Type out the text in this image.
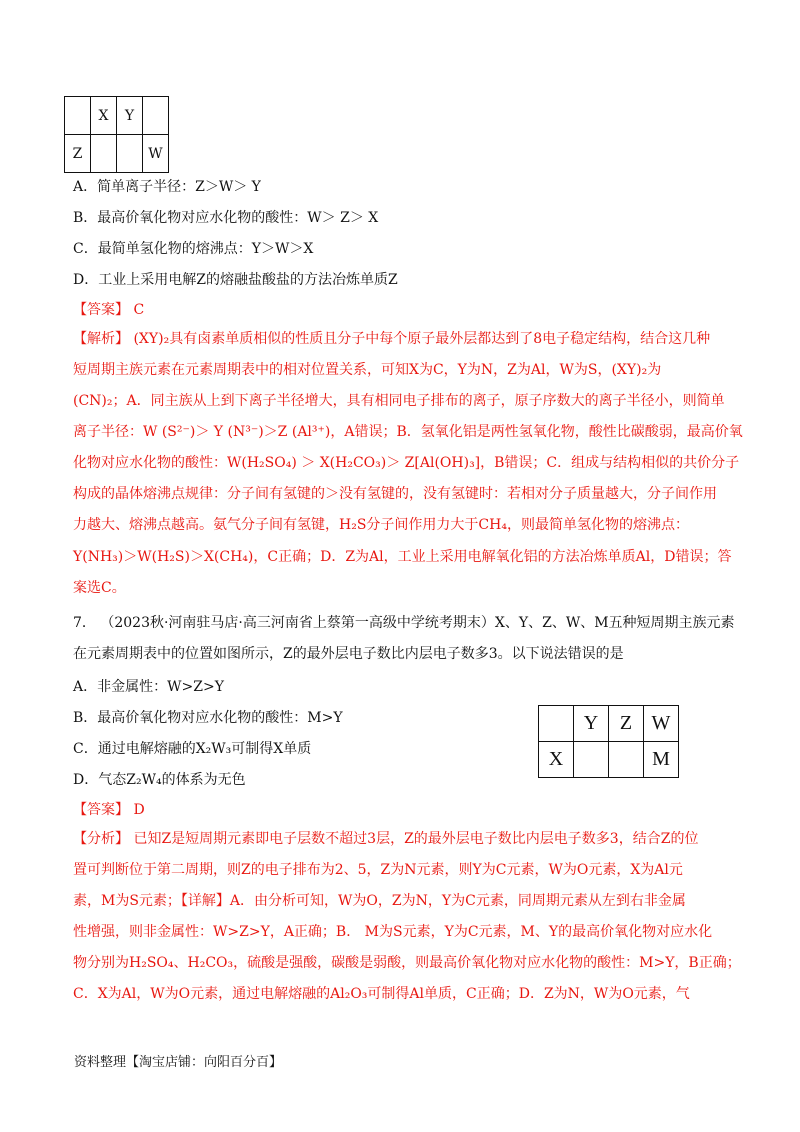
	X	Y	
Z			W
A．简单离子半径：Z＞W＞ Y
B．最高价氧化物对应水化物的酸性：W＞ Z＞ X
C．最简单氢化物的熔沸点：Y＞W＞X
D．工业上采用电解Z的熔融盐酸盐的方法冶炼单质Z
【答案】 C
【解析】 (XY)₂具有卤素单质相似的性质且分子中每个原子最外层都达到了8电子稳定结构，结合这几种
短周期主族元素在元素周期表中的相对位置关系，可知X为C，Y为N，Z为Al，W为S，(XY)₂为
(CN)₂；A．同主族从上到下离子半径增大，具有相同电子排布的离子，原子序数大的离子半径小，则简单
离子半径：W (S²⁻)＞ Y (N³⁻)＞Z (Al³⁺)，A错误；B．氢氧化铝是两性氢氧化物，酸性比碳酸弱，最高价氧
化物对应水化物的酸性：W(H₂SO₄) ＞ X(H₂CO₃)＞ Z[Al(OH)₃]，B错误；C．组成与结构相似的共价分子
构成的晶体熔沸点规律：分子间有氢键的＞没有氢键的，没有氢键时：若相对分子质量越大，分子间作用
力越大、熔沸点越高。氨气分子间有氢键，H₂S分子间作用力大于CH₄，则最简单氢化物的熔沸点：
Y(NH₃)＞W(H₂S)＞X(CH₄)，C正确；D．Z为Al，工业上采用电解氧化铝的方法冶炼单质Al，D错误；答
案选C。
7． （2023秋·河南驻马店·高三河南省上蔡第一高级中学统考期末）X、Y、Z、W、M五种短周期主族元素
在元素周期表中的位置如图所示，Z的最外层电子数比内层电子数多3。以下说法错误的是
A．非金属性：W>Z>Y
B．最高价氧化物对应水化物的酸性：M>Y
C．通过电解熔融的X₂W₃可制得X单质
D．气态Z₂W₄的体系为无色
	Y	Z	W
X			M
【答案】 D
【分析】 已知Z是短周期元素即电子层数不超过3层，Z的最外层电子数比内层电子数多3，结合Z的位
置可判断位于第二周期，则Z的电子排布为2、5，Z为N元素，则Y为C元素，W为O元素，X为Al元
素，M为S元素；【详解】A．由分析可知，W为O，Z为N，Y为C元素，同周期元素从左到右非金属
性增强，则非金属性：W>Z>Y，A正确；B． M为S元素，Y为C元素，M、Y的最高价氧化物对应水化
物分别为H₂SO₄、H₂CO₃，硫酸是强酸，碳酸是弱酸，则最高价氧化物对应水化物的酸性：M>Y，B正确；
C．X为Al，W为O元素，通过电解熔融的Al₂O₃可制得Al单质，C正确；D．Z为N，W为O元素，气
资料整理【淘宝店铺：向阳百分百】
